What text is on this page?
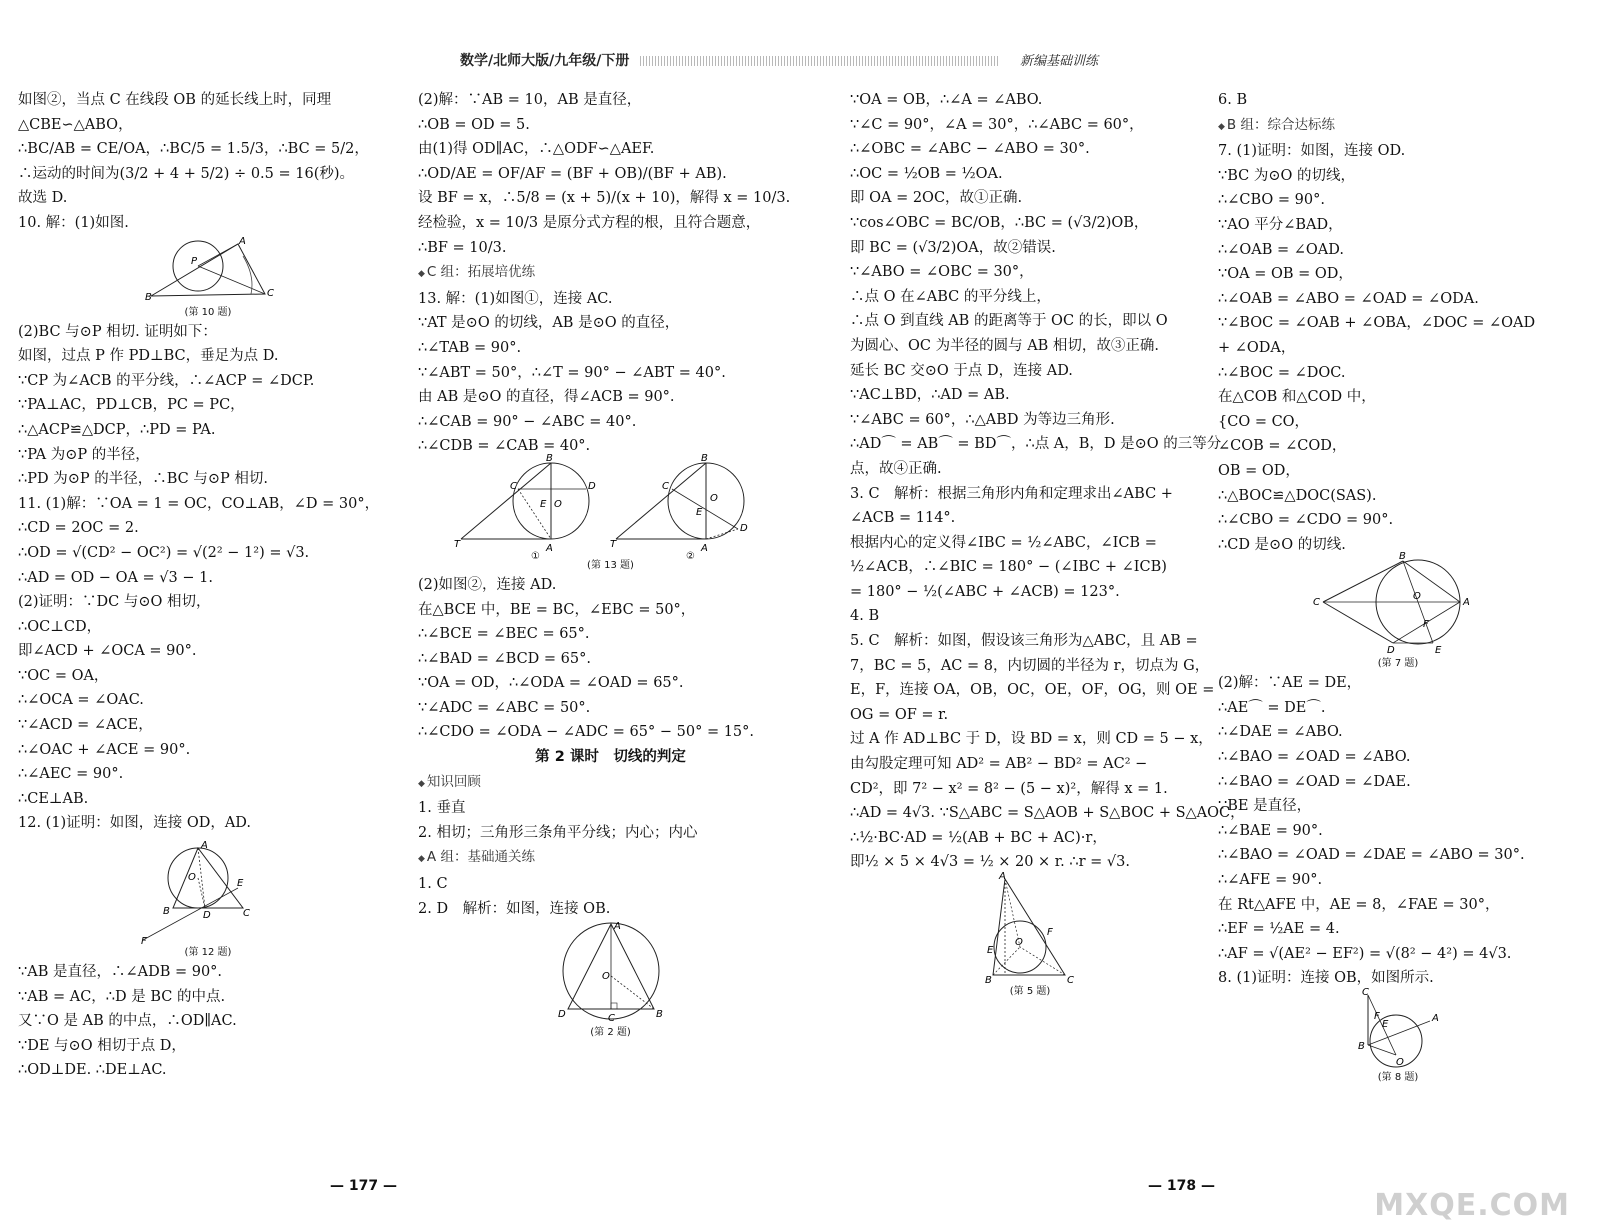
数学/北师大版/九年级/下册	新编基础训练
如图②，当点 C 在线段 OB 的延长线上时，同理
△CBE∽△ABO，
∴BC/AB = CE/OA，∴BC/5 = 1.5/3，∴BC = 5/2，
∴运动的时间为(3/2 + 4 + 5/2) ÷ 0.5 = 16(秒)。
故选 D.
10. 解：(1)如图.
B	C
A
P
(第 10 题)
(2)BC 与⊙P 相切. 证明如下：
如图，过点 P 作 PD⊥BC，垂足为点 D.
∵CP 为∠ACB 的平分线，∴∠ACP = ∠DCP.
∵PA⊥AC，PD⊥CB，PC = PC，
∴△ACP≌△DCP，∴PD = PA.
∵PA 为⊙P 的半径，
∴PD 为⊙P 的半径，∴BC 与⊙P 相切.
11. (1)解：∵OA = 1 = OC，CO⊥AB，∠D = 30°，
∴CD = 2OC = 2.
∴OD = √(CD² − OC²) = √(2² − 1²) = √3.
∴AD = OD − OA = √3 − 1.
(2)证明：∵DC 与⊙O 相切，
∴OC⊥CD，
即∠ACD + ∠OCA = 90°.
∵OC = OA，
∴∠OCA = ∠OAC.
∵∠ACD = ∠ACE，
∴∠OAC + ∠ACE = 90°.
∴∠AEC = 90°.
∴CE⊥AB.
12. (1)证明：如图，连接 OD，AD.
A
O
E
B	D	C
F
(第 12 题)
∵AB 是直径，∴∠ADB = 90°.
∵AB = AC，∴D 是 BC 的中点.
又∵O 是 AB 的中点，∴OD∥AC.
∵DE 与⊙O 相切于点 D，
∴OD⊥DE. ∴DE⊥AC.
(2)解：∵AB = 10，AB 是直径，
∴OB = OD = 5.
由(1)得 OD∥AC，∴△ODF∽△AEF.
∴OD/AE = OF/AF = (BF + OB)/(BF + AB).
设 BF = x，∴5/8 = (x + 5)/(x + 10)，解得 x = 10/3.
经检验，x = 10/3 是原分式方程的根，且符合题意，
∴BF = 10/3.
◆ C 组：拓展培优练
13. 解：(1)如图①，连接 AC.
∵AT 是⊙O 的切线，AB 是⊙O 的直径，
∴∠TAB = 90°.
∵∠ABT = 50°，∴∠T = 90° − ∠ABT = 40°.
由 AB 是⊙O 的直径，得∠ACB = 90°.
∴∠CAB = 90° − ∠ABC = 40°.
∴∠CDB = ∠CAB = 40°.
B
C	D
E O
T	A
①
B
C
D
E
O
T	A
②
(第 13 题)
(2)如图②，连接 AD.
在△BCE 中，BE = BC，∠EBC = 50°，
∴∠BCE = ∠BEC = 65°.
∴∠BAD = ∠BCD = 65°.
∵OA = OD，∴∠ODA = ∠OAD = 65°.
∵∠ADC = ∠ABC = 50°.
∴∠CDO = ∠ODA − ∠ADC = 65° − 50° = 15°.
第 2 课时　切线的判定
◆ 知识回顾
1. 垂直
2. 相切；三角形三条角平分线；内心；内心
◆ A 组：基础通关练
1. C
2. D　解析：如图，连接 OB.
A
O
D	C	B
(第 2 题)
∵OA = OB，∴∠A = ∠ABO.
∵∠C = 90°，∠A = 30°，∴∠ABC = 60°，
∴∠OBC = ∠ABC − ∠ABO = 30°.
∴OC = ½OB = ½OA.
即 OA = 2OC，故①正确.
∵cos∠OBC = BC/OB，∴BC = (√3/2)OB，
即 BC = (√3/2)OA，故②错误.
∵∠ABO = ∠OBC = 30°，
∴点 O 在∠ABC 的平分线上，
∴点 O 到直线 AB 的距离等于 OC 的长，即以 O
为圆心、OC 为半径的圆与 AB 相切，故③正确.
延长 BC 交⊙O 于点 D，连接 AD.
∵AC⊥BD，∴AD = AB.
∵∠ABC = 60°，∴△ABD 为等边三角形.
∴AD⌒ = AB⌒ = BD⌒，∴点 A，B，D 是⊙O 的三等分
点，故④正确.
3. C　解析：根据三角形内角和定理求出∠ABC +
∠ACB = 114°.
根据内心的定义得∠IBC = ½∠ABC，∠ICB =
½∠ACB，∴∠BIC = 180° − (∠IBC + ∠ICB)
= 180° − ½(∠ABC + ∠ACB) = 123°.
4. B
5. C　解析：如图，假设该三角形为△ABC，且 AB =
7，BC = 5，AC = 8，内切圆的半径为 r，切点为 G，
E，F，连接 OA，OB，OC，OE，OF，OG，则 OE =
OG = OF = r.
过 A 作 AD⊥BC 于 D，设 BD = x，则 CD = 5 − x，
由勾股定理可知 AD² = AB² − BD² = AC² −
CD²，即 7² − x² = 8² − (5 − x)²，解得 x = 1.
∴AD = 4√3. ∵S△ABC = S△AOB + S△BOC + S△AOC，
∴½·BC·AD = ½(AB + BC + AC)·r，
即½ × 5 × 4√3 = ½ × 20 × r. ∴r = √3.
A
E
F
O
B	C
(第 5 题)
6. B
◆ B 组：综合达标练
7. (1)证明：如图，连接 OD.
∵BC 为⊙O 的切线，
∴∠CBO = 90°.
∵AO 平分∠BAD，
∴∠OAB = ∠OAD.
∵OA = OB = OD，
∴∠OAB = ∠ABO = ∠OAD = ∠ODA.
∵∠BOC = ∠OAB + ∠OBA，∠DOC = ∠OAD
+ ∠ODA，
∴∠BOC = ∠DOC.
在△COB 和△COD 中，
{CO = CO，
∠COB = ∠COD，
OB = OD，
∴△BOC≌△DOC(SAS).
∴∠CBO = ∠CDO = 90°.
∴CD 是⊙O 的切线.
B
C
O
A
F
D	E
(第 7 题)
(2)解：∵AE = DE，
∴AE⌒ = DE⌒.
∴∠DAE = ∠ABO.
∴∠BAO = ∠OAD = ∠ABO.
∴∠BAO = ∠OAD = ∠DAE.
∵BE 是直径，
∴∠BAE = 90°.
∴∠BAO = ∠OAD = ∠DAE = ∠ABO = 30°.
∴∠AFE = 90°.
在 Rt△AFE 中，AE = 8，∠FAE = 30°，
∴EF = ½AE = 4.
∴AF = √(AE² − EF²) = √(8² − 4²) = 4√3.
8. (1)证明：连接 OB，如图所示.
C
F
E
A
B
O
(第 8 题)
— 177 —	— 178 —
MXQE.COM
